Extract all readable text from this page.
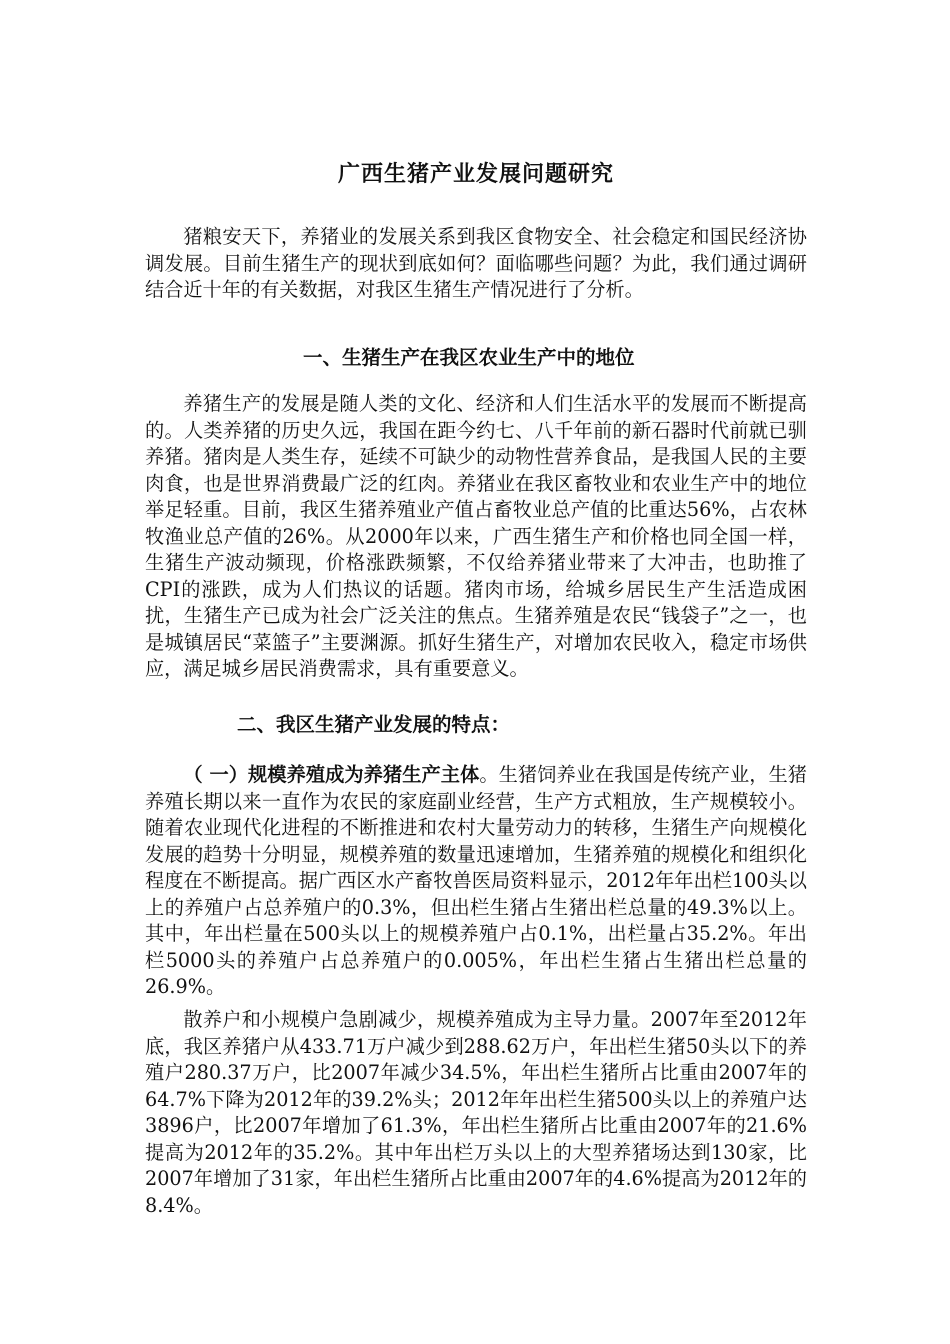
广西生猪产业发展问题研究

猪粮安天下，养猪业的发展关系到我区食物安全、社会稳定和国民经济协调发展。目前生猪生产的现状到底如何？面临哪些问题？为此，我们通过调研结合近十年的有关数据，对我区生猪生产情况进行了分析。

一、生猪生产在我区农业生产中的地位

养猪生产的发展是随人类的文化、经济和人们生活水平的发展而不断提高的。人类养猪的历史久远，我国在距今约七、八千年前的新石器时代前就已驯养猪。猪肉是人类生存，延续不可缺少的动物性营养食品，是我国人民的主要肉食，也是世界消费最广泛的红肉。养猪业在我区畜牧业和农业生产中的地位举足轻重。目前，我区生猪养殖业产值占畜牧业总产值的比重达56%，占农林牧渔业总产值的26%。从2000年以来，广西生猪生产和价格也同全国一样，生猪生产波动频现，价格涨跌频繁，不仅给养猪业带来了大冲击，也助推了CPI的涨跌，成为人们热议的话题。猪肉市场，给城乡居民生产生活造成困扰，生猪生产已成为社会广泛关注的焦点。生猪养殖是农民“钱袋子”之一，也是城镇居民“菜篮子”主要渊源。抓好生猪生产，对增加农民收入，稳定市场供应，满足城乡居民消费需求，具有重要意义。

二、我区生猪产业发展的特点：

（ 一）规模养殖成为养猪生产主体。生猪饲养业在我国是传统产业，生猪养殖长期以来一直作为农民的家庭副业经营，生产方式粗放，生产规模较小。随着农业现代化进程的不断推进和农村大量劳动力的转移，生猪生产向规模化发展的趋势十分明显，规模养殖的数量迅速增加，生猪养殖的规模化和组织化程度在不断提高。据广西区水产畜牧兽医局资料显示，2012年年出栏100头以上的养殖户占总养殖户的0.3%，但出栏生猪占生猪出栏总量的49.3%以上。其中，年出栏量在500头以上的规模养殖户占0.1%，出栏量占35.2%。年出栏5000头的养殖户占总养殖户的0.005%，年出栏生猪占生猪出栏总量的26.9%。

散养户和小规模户急剧减少，规模养殖成为主导力量。2007年至2012年底，我区养猪户从433.71万户减少到288.62万户，年出栏生猪50头以下的养殖户280.37万户，比2007年减少34.5%，年出栏生猪所占比重由2007年的64.7%下降为2012年的39.2%头；2012年年出栏生猪500头以上的养殖户达3896户，比2007年增加了61.3%，年出栏生猪所占比重由2007年的21.6%提高为2012年的35.2%。其中年出栏万头以上的大型养猪场达到130家，比2007年增加了31家，年出栏生猪所占比重由2007年的4.6%提高为2012年的8.4%。
